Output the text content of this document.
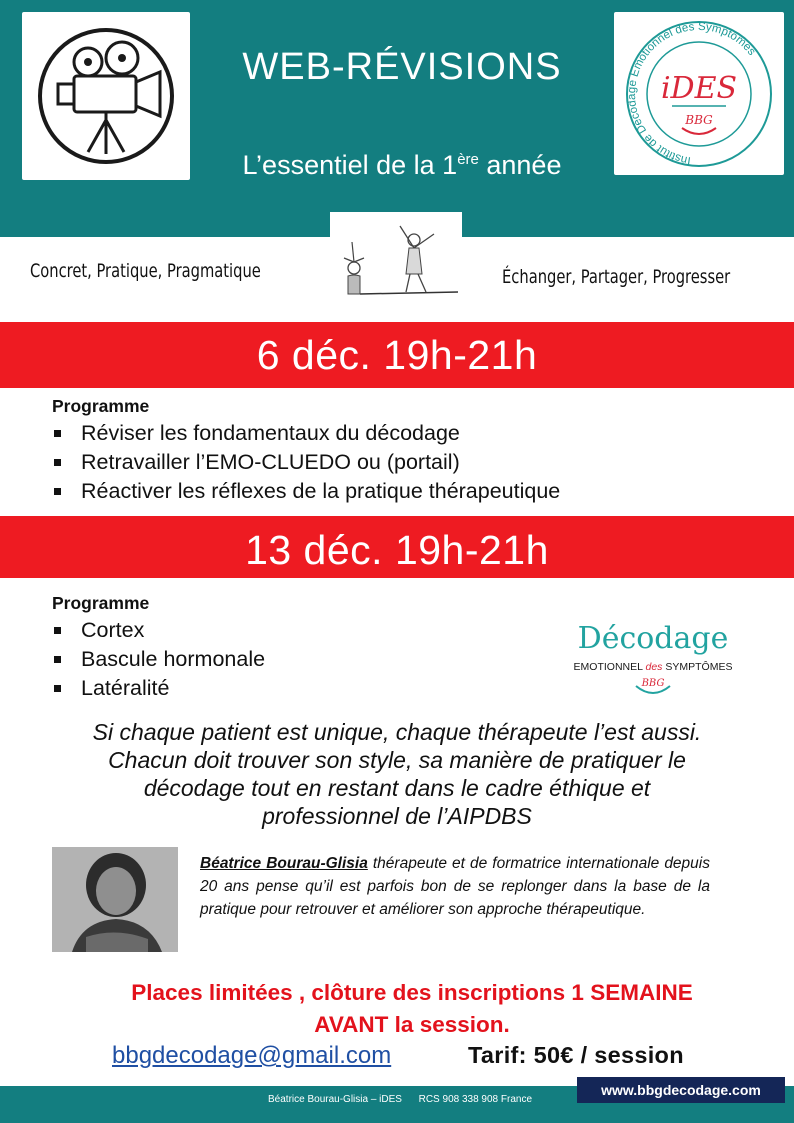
WEB-RÉVISIONS
L’essentiel de la 1ère année	Institut de Décodage Emotionnel des Symptômes
iDES
BBG
Concret, Pratique, Pragmatique	Échanger, Partager, Progresser
6 déc. 19h-21h
Programme
Réviser les fondamentaux du décodage
Retravailler l’EMO-CLUEDO ou (portail)
Réactiver les réflexes de la pratique thérapeutique
13 déc. 19h-21h
Programme
Cortex
Bascule hormonale
Latéralité
Décodage
EMOTIONNEL des SYMPTÔMES
BBG
Si chaque patient est unique, chaque thérapeute l’est aussi.
Chacun doit trouver son style, sa manière de pratiquer le
décodage tout en restant dans le cadre éthique et
professionnel de l’AIPDBS
Béatrice Bourau-Glisia thérapeute et de formatrice internationale depuis 20 ans pense qu’il est parfois bon de se replonger dans la base de la pratique pour retrouver et améliorer son approche thérapeutique.
Places limitées , clôture des inscriptions 1 SEMAINE
AVANT la session.
bbgdecodage@gmail.com	Tarif: 50€ / session
Béatrice Bourau-Glisia – iDES      RCS 908 338 908 France
www.bbgdecodage.com
